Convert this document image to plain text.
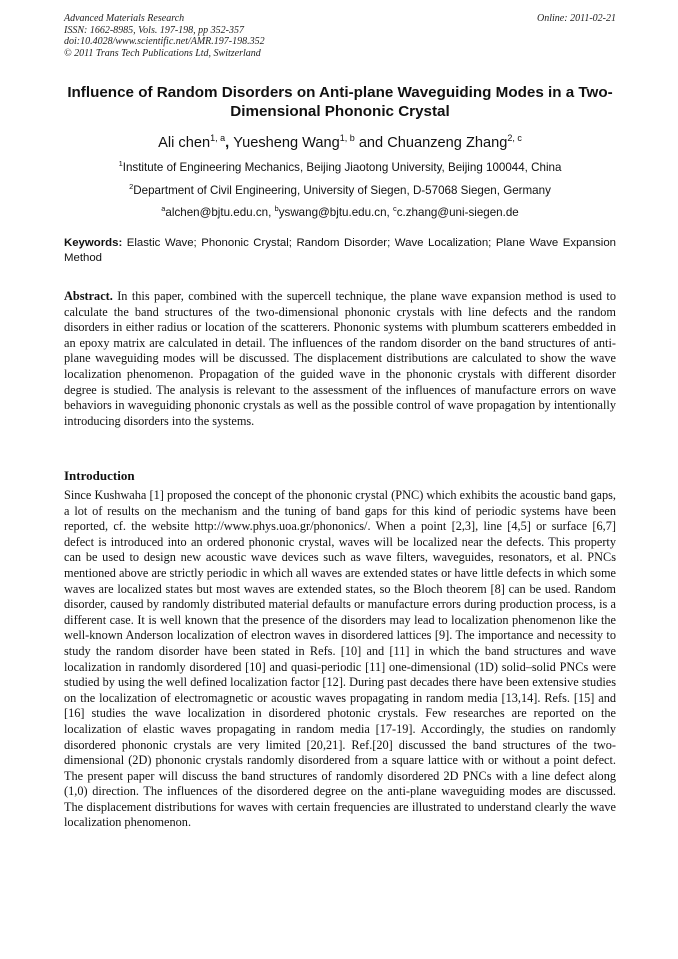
Advanced Materials Research
ISSN: 1662-8985, Vols. 197-198, pp 352-357
doi:10.4028/www.scientific.net/AMR.197-198.352
© 2011 Trans Tech Publications Ltd, Switzerland
Online: 2011-02-21
Influence of Random Disorders on Anti-plane Waveguiding Modes in a Two-Dimensional Phononic Crystal
Ali chen$^{1, a}$, Yuesheng Wang$^{1, b}$ and Chuanzeng Zhang$^{2, c}$
$^1$Institute of Engineering Mechanics, Beijing Jiaotong University, Beijing 100044, China
$^2$Department of Civil Engineering, University of Siegen, D-57068 Siegen, Germany
$^a$alchen@bjtu.edu.cn, $^b$yswang@bjtu.edu.cn, $^c$c.zhang@uni-siegen.de
Keywords: Elastic Wave; Phononic Crystal; Random Disorder; Wave Localization; Plane Wave Expansion Method
Abstract. In this paper, combined with the supercell technique, the plane wave expansion method is used to calculate the band structures of the two-dimensional phononic crystals with line defects and the random disorders in either radius or location of the scatterers. Phononic systems with plumbum scatterers embedded in an epoxy matrix are calculated in detail. The influences of the random disorder on the band structures of anti-plane waveguiding modes will be discussed. The displacement distributions are calculated to show the wave localization phenomenon. Propagation of the guided wave in the phononic crystals with different disorder degree is studied. The analysis is relevant to the assessment of the influences of manufacture errors on wave behaviors in waveguiding phononic crystals as well as the possible control of wave propagation by intentionally introducing disorders into the systems.
Introduction
Since Kushwaha [1] proposed the concept of the phononic crystal (PNC) which exhibits the acoustic band gaps, a lot of results on the mechanism and the tuning of band gaps for this kind of periodic systems have been reported, cf. the website http://www.phys.uoa.gr/phononics/. When a point [2,3], line [4,5] or surface [6,7] defect is introduced into an ordered phononic crystal, waves will be localized near the defects. This property can be used to design new acoustic wave devices such as wave filters, waveguides, resonators, et al. PNCs mentioned above are strictly periodic in which all waves are extended states or have little defects in which some waves are localized states but most waves are extended states, so the Bloch theorem [8] can be used. Random disorder, caused by randomly distributed material defaults or manufacture errors during production process, is a different case. It is well known that the presence of the disorders may lead to localization phenomenon like the well-known Anderson localization of electron waves in disordered lattices [9]. The importance and necessity to study the random disorder have been stated in Refs. [10] and [11] in which the band structures and wave localization in randomly disordered [10] and quasi-periodic [11] one-dimensional (1D) solid–solid PNCs were studied by using the well defined localization factor [12]. During past decades there have been extensive studies on the localization of electromagnetic or acoustic waves propagating in random media [13,14]. Refs. [15] and [16] studies the wave localization in disordered photonic crystals. Few researches are reported on the localization of elastic waves propagating in random media [17-19]. Accordingly, the studies on randomly disordered phononic crystals are very limited [20,21]. Ref.[20] discussed the band structures of the two-dimensional (2D) phononic crystals randomly disordered from a square lattice with or without a point defect. The present paper will discuss the band structures of randomly disordered 2D PNCs with a line defect along (1,0) direction. The influences of the disordered degree on the anti-plane waveguiding modes are discussed. The displacement distributions for waves with certain frequencies are illustrated to understand clearly the wave localization phenomenon.
